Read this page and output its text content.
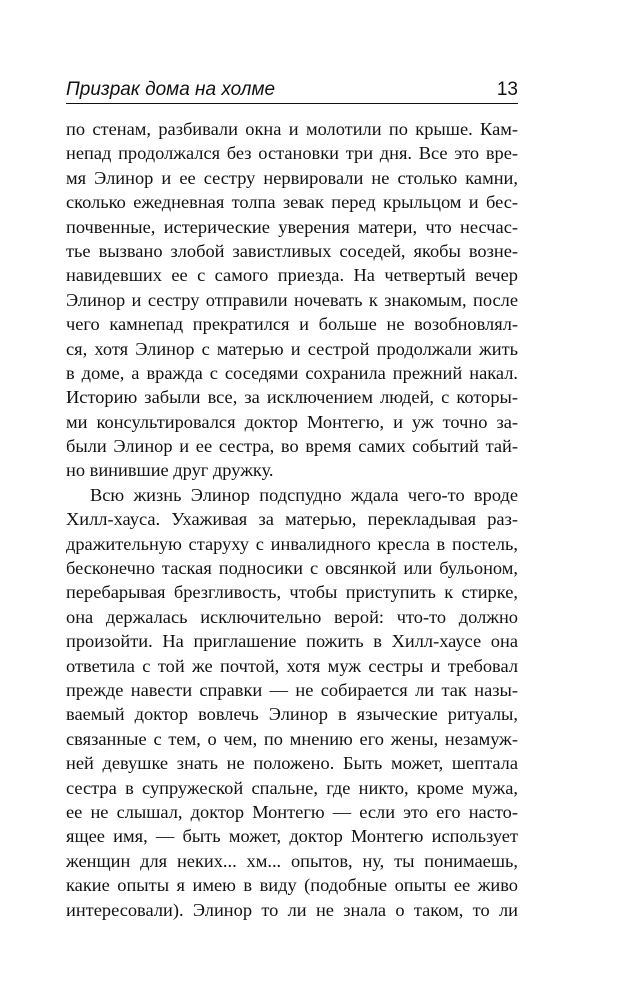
Призрак дома на холме	13
по стенам, разбивали окна и молотили по крыше. Кам-
непад продолжался без остановки три дня. Все это вре-
мя Элинор и ее сестру нервировали не столько камни,
сколько ежедневная толпа зевак перед крыльцом и бес-
почвенные, истерические уверения матери, что несчас-
тье вызвано злобой завистливых соседей, якобы возне-
навидевших ее с самого приезда. На четвертый вечер
Элинор и сестру отправили ночевать к знакомым, после
чего камнепад прекратился и больше не возобновлял-
ся, хотя Элинор с матерью и сестрой продолжали жить
в доме, а вражда с соседями сохранила прежний накал.
Историю забыли все, за исключением людей, с которы-
ми консультировался доктор Монтегю, и уж точно за-
были Элинор и ее сестра, во время самих событий тай-
но винившие друг дружку.
Всю жизнь Элинор подспудно ждала чего-то вроде
Хилл-хауса. Ухаживая за матерью, перекладывая раз-
дражительную старуху с инвалидного кресла в постель,
бесконечно таская подносики с овсянкой или бульоном,
перебарывая брезгливость, чтобы приступить к стирке,
она держалась исключительно верой: что-то должно
произойти. На приглашение пожить в Хилл-хаусе она
ответила с той же почтой, хотя муж сестры и требовал
прежде навести справки — не собирается ли так назы-
ваемый доктор вовлечь Элинор в языческие ритуалы,
связанные с тем, о чем, по мнению его жены, незамуж-
ней девушке знать не положено. Быть может, шептала
сестра в супружеской спальне, где никто, кроме мужа,
ее не слышал, доктор Монтегю — если это его насто-
ящее имя, — быть может, доктор Монтегю использует
женщин для неких... хм... опытов, ну, ты понимаешь,
какие опыты я имею в виду (подобные опыты ее живо
интересовали). Элинор то ли не знала о таком, то ли
